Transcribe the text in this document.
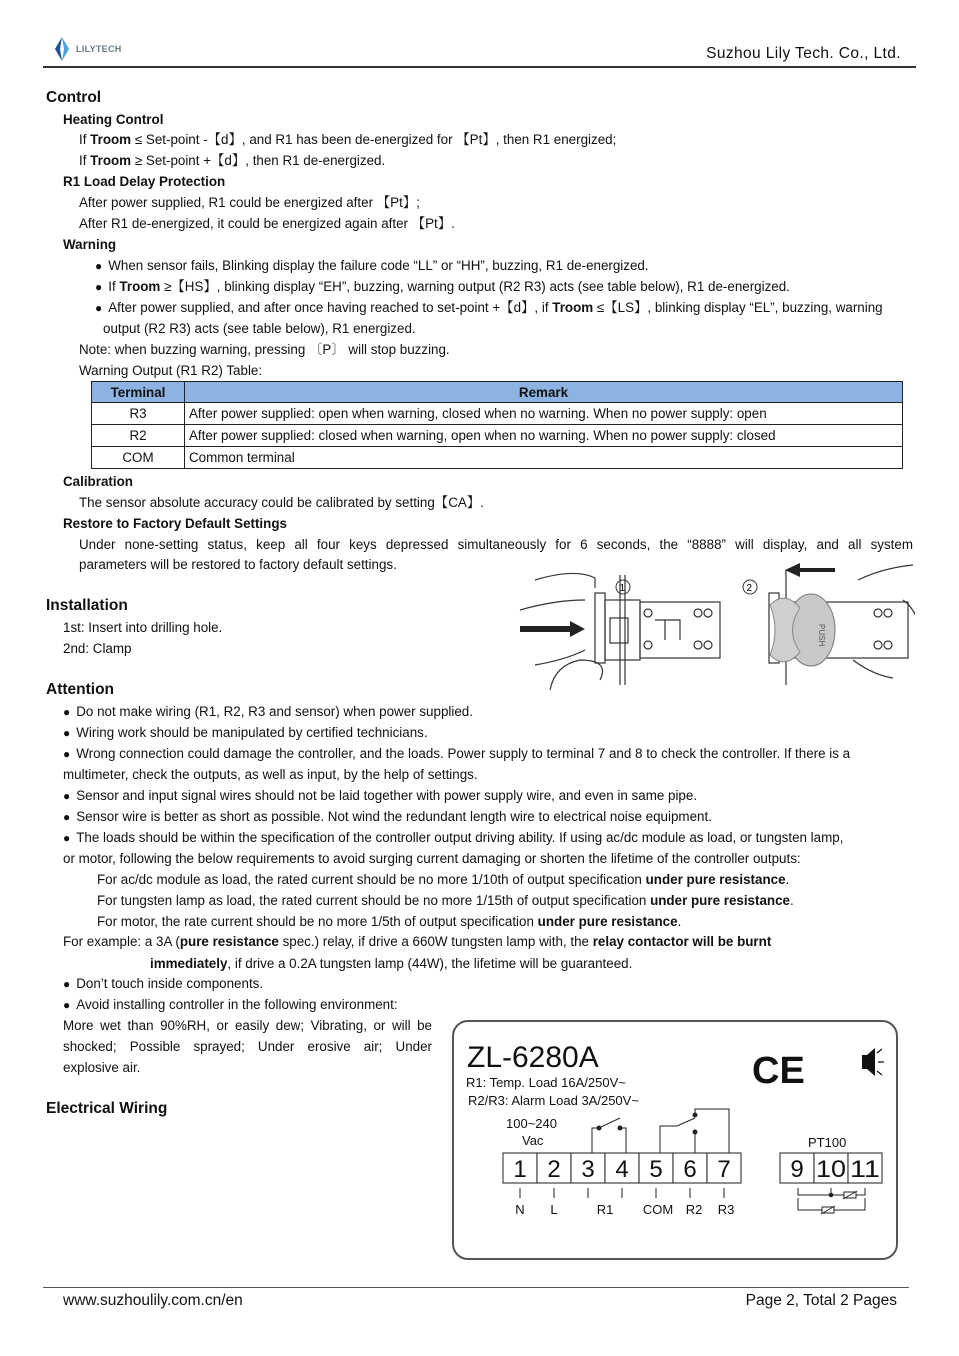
LILYTECH	Suzhou Lily Tech. Co., Ltd.
Control
Heating Control
If Troom ≤ Set-point -【d】, and R1 has been de-energized for 【Pt】, then R1 energized;
If Troom ≥ Set-point +【d】, then R1 de-energized.
R1 Load Delay Protection
After power supplied, R1 could be energized after 【Pt】;
After R1 de-energized, it could be energized again after 【Pt】.
Warning
● When sensor fails, Blinking display the failure code “LL” or “HH”, buzzing, R1 de-energized.
● If Troom ≥【HS】, blinking display “EH”, buzzing, warning output (R2 R3) acts (see table below), R1 de-energized.
● After power supplied, and after once having reached to set-point +【d】, if Troom ≤【LS】, blinking display “EL”, buzzing, warning
output (R2 R3) acts (see table below), R1 energized.
Note: when buzzing warning, pressing 〔P〕 will stop buzzing.
Warning Output (R1 R2) Table:
Terminal	Remark
R3	After power supplied: open when warning, closed when no warning. When no power supply: open
R2	After power supplied: closed when warning, open when no warning. When no power supply: closed
COM	Common terminal
Calibration
The sensor absolute accuracy could be calibrated by setting【CA】.
Restore to Factory Default Settings
Under none-setting status, keep all four keys depressed simultaneously for 6 seconds, the “8888” will display, and all system
parameters will be restored to factory default settings.
Installation
1st: Insert into drilling hole.
2nd: Clamp
1
PUSH
2
Attention
● Do not make wiring (R1, R2, R3 and sensor) when power supplied.
● Wiring work should be manipulated by certified technicians.
● Wrong connection could damage the controller, and the loads. Power supply to terminal 7 and 8 to check the controller. If there is a
multimeter, check the outputs, as well as input, by the help of settings.
● Sensor and input signal wires should not be laid together with power supply wire, and even in same pipe.
● Sensor wire is better as short as possible. Not wind the redundant length wire to electrical noise equipment.
● The loads should be within the specification of the controller output driving ability. If using ac/dc module as load, or tungsten lamp,
or motor, following the below requirements to avoid surging current damaging or shorten the lifetime of the controller outputs:
For ac/dc module as load, the rated current should be no more 1/10th of output specification under pure resistance.
For tungsten lamp as load, the rated current should be no more 1/15th of output specification under pure resistance.
For motor, the rate current should be no more 1/5th of output specification under pure resistance.
For example: a 3A (pure resistance spec.) relay, if drive a 660W tungsten lamp with, the relay contactor will be burnt
immediately, if drive a 0.2A tungsten lamp (44W), the lifetime will be guaranteed.
● Don’t touch inside components.
● Avoid installing controller in the following environment:
More wet than 90%RH, or easily dew; Vibrating, or will be
shocked; Possible sprayed; Under erosive air; Under
explosive air.
Electrical Wiring
ZL-6280A
R1: Temp. Load 16A/250V~
R2/R3: Alarm Load 3A/250V~
100~240
Vac
CE
PT100
1 2 3 4 5 6 7
N L	R1 COM R2 R3
9 10 11
www.suzhoulily.com.cn/en	Page 2, Total 2 Pages
